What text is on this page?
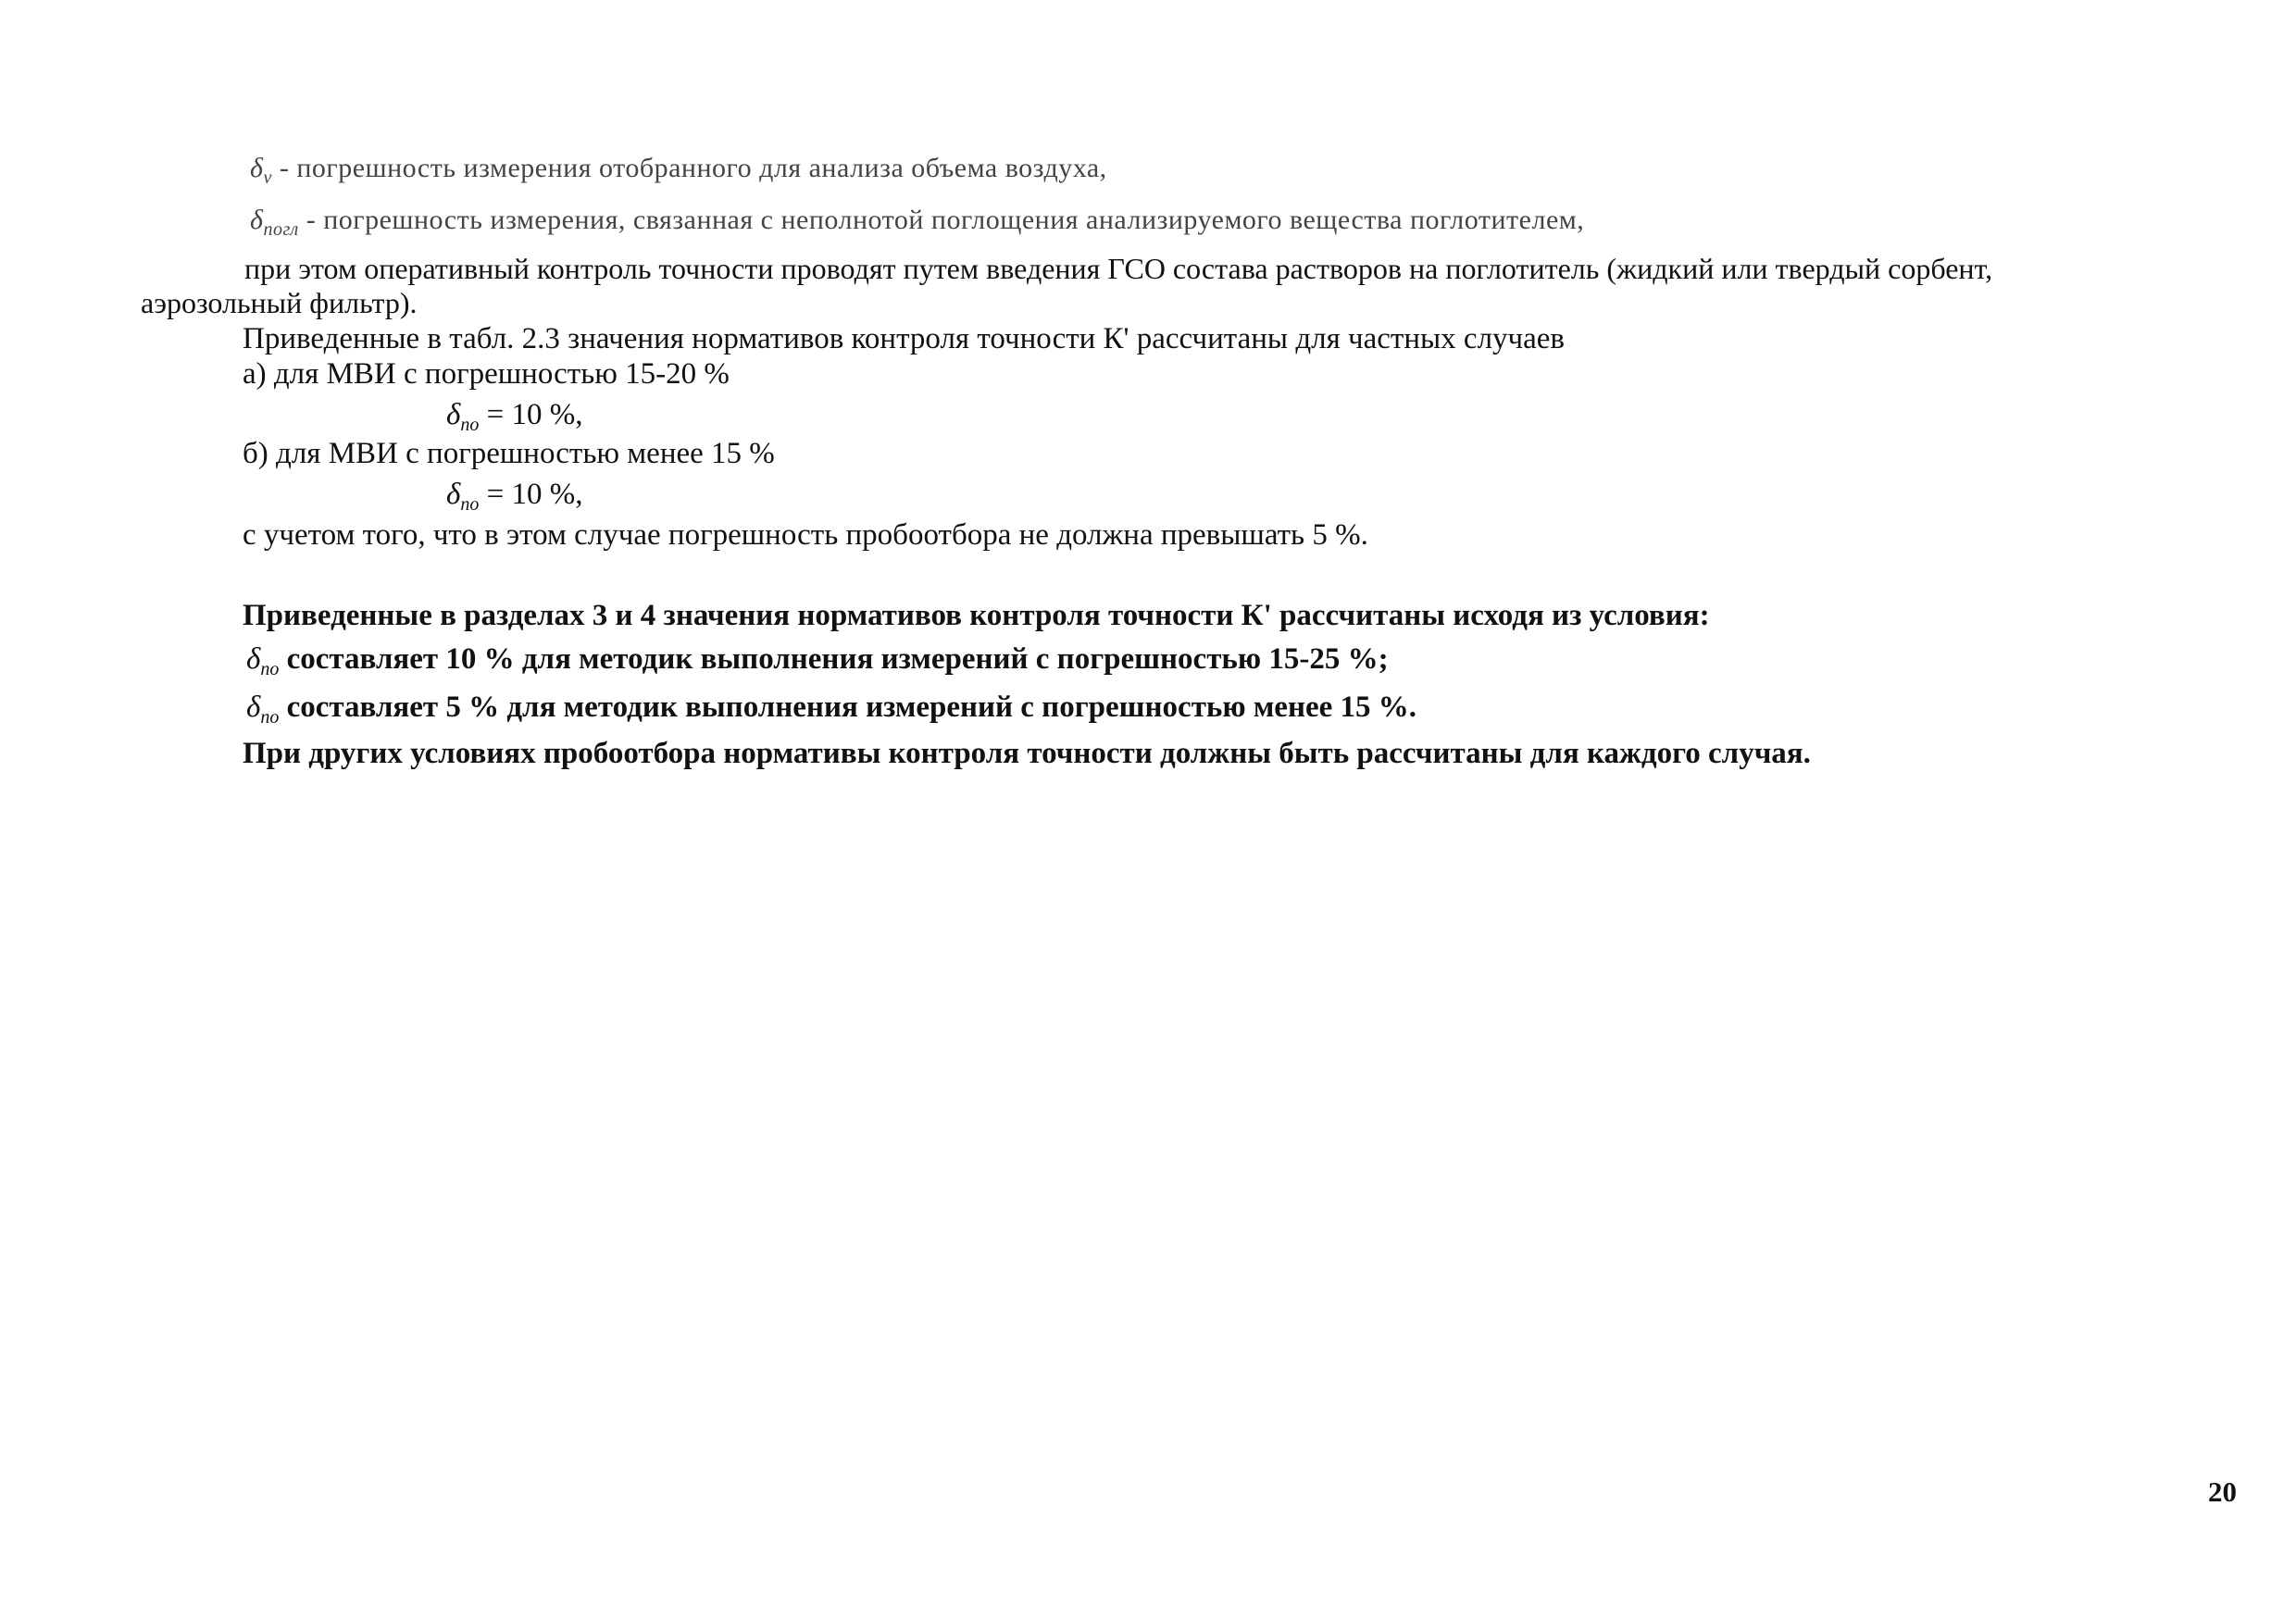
$\delta_v$ - погрешность измерения отобранного для анализа объема воздуха,
$\delta_{погл}$ - погрешность измерения, связанная с неполнотой поглощения анализируемого вещества поглотителем,
при этом оперативный контроль точности проводят путем введения ГСО состава растворов на поглотитель (жидкий или твердый сорбент,
аэрозольный фильтр).
Приведенные в табл. 2.3 значения нормативов контроля точности К' рассчитаны для частных случаев
а) для МВИ с погрешностью 15-20 %
$\delta_{по} = 10$ %,
б) для МВИ с погрешностью менее 15 %
$\delta_{по} = 10$ %,
с учетом того, что в этом случае погрешность пробоотбора не должна превышать 5 %.
Приведенные в разделах 3 и 4 значения нормативов контроля точности К' рассчитаны исходя из условия:
$\delta_{по}$ составляет 10 % для методик выполнения измерений с погрешностью 15-25 %;
$\delta_{по}$ составляет 5 % для методик выполнения измерений с погрешностью менее 15 %.
При других условиях пробоотбора нормативы контроля точности должны быть рассчитаны для каждого случая.
20
